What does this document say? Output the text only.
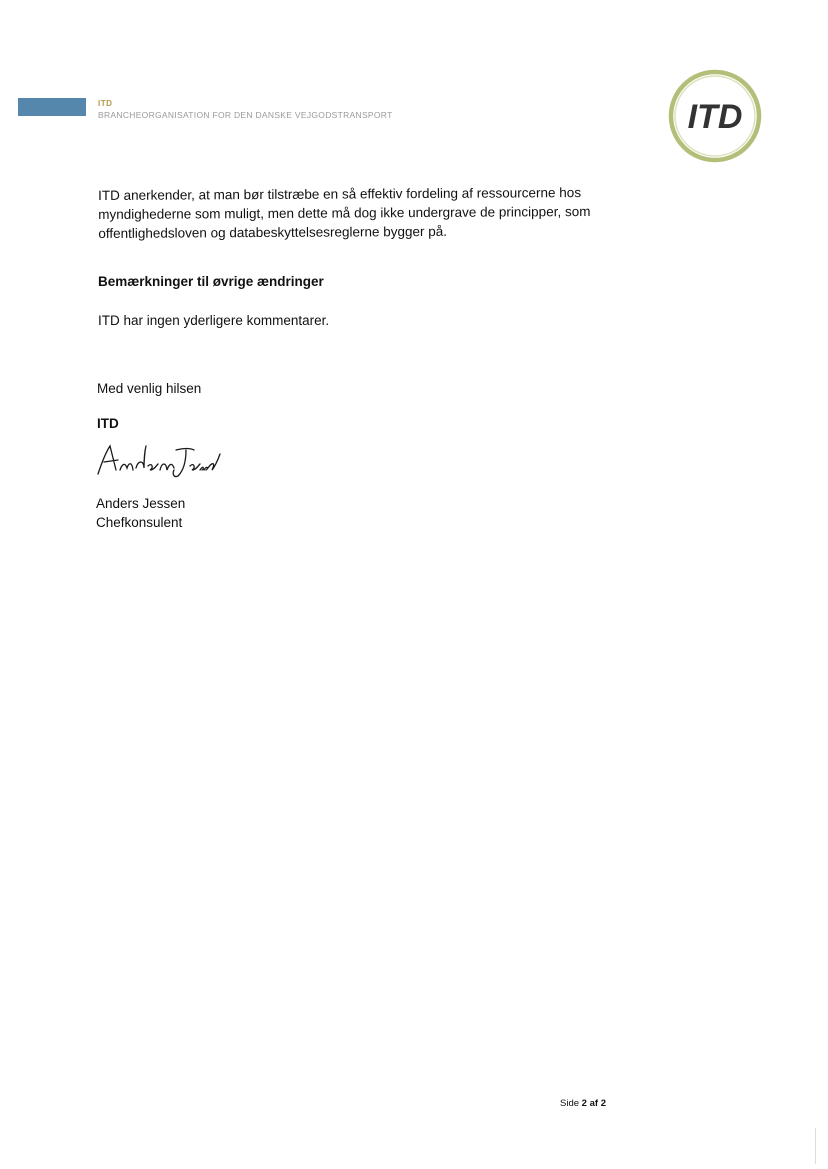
ITD
BRANCHEORGANISATION FOR DEN DANSKE VEJGODSTRANSPORT	ITD
ITD anerkender, at man bør tilstræbe en så effektiv fordeling af ressourcerne hos
myndighederne som muligt, men dette må dog ikke undergrave de principper, som
offentlighedsloven og databeskyttelsesreglerne bygger på.
Bemærkninger til øvrige ændringer
ITD har ingen yderligere kommentarer.
Med venlig hilsen
ITD
Anders Jessen
Chefkonsulent
Side 2 af 2
